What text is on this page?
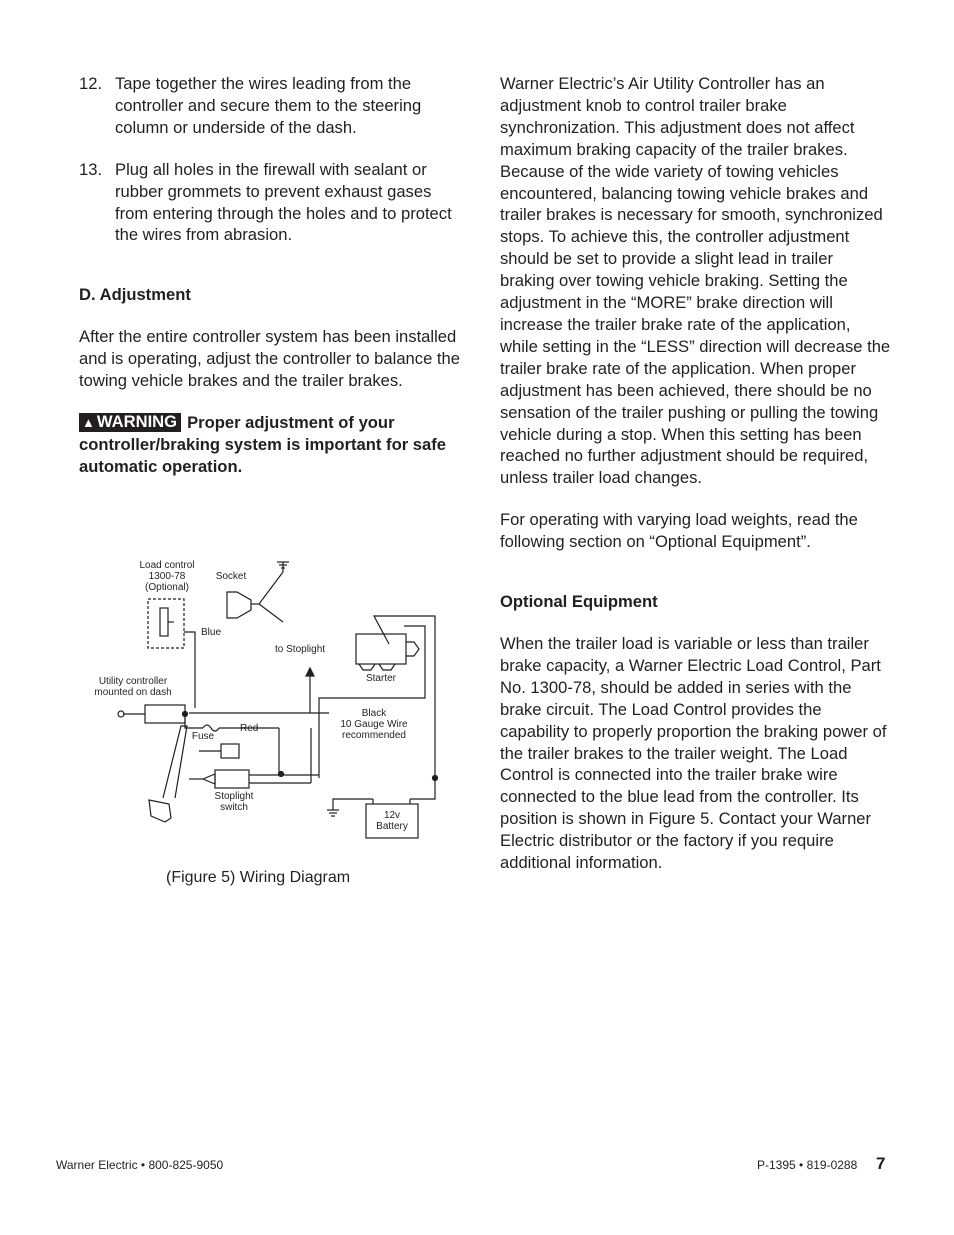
12. Tape together the wires leading from the controller and secure them to the steering column or underside of the dash.

13. Plug all holes in the firewall with sealant or rubber grommets to prevent exhaust gases from entering through the holes and to protect the wires from abrasion.

D. Adjustment

After the entire controller system has been installed and is operating, adjust the controller to balance the towing vehicle brakes and the trailer brakes.

▲ WARNING Proper adjustment of your controller/braking system is important for safe automatic operation.

Load control
1300-78
(Optional)
Socket
Blue
to Stoplight
Starter
Utility controller
mounted on dash
Red
Fuse
Black
10 Gauge Wire
recommended
Stoplight
switch
12v
Battery
(Figure 5) Wiring Diagram

Warner Electric’s Air Utility Controller has an adjustment knob to control trailer brake synchronization. This adjustment does not affect maximum braking capacity of the trailer brakes. Because of the wide variety of towing vehicles encountered, balancing towing vehicle brakes and trailer brakes is necessary for smooth, synchronized stops. To achieve this, the controller adjustment should be set to provide a slight lead in trailer braking over towing vehicle braking. Setting the adjustment in the “MORE” brake direction will increase the trailer brake rate of the application, while setting in the “LESS” direction will decrease the trailer brake rate of the application. When proper adjustment has been achieved, there should be no sensation of the trailer pushing or pulling the towing vehicle during a stop. When this setting has been reached no further adjustment should be required, unless trailer load changes.

For operating with varying load weights, read the following section on “Optional Equipment”.

Optional Equipment

When the trailer load is variable or less than trailer brake capacity, a Warner Electric Load Control, Part No. 1300-78, should be added in series with the brake circuit. The Load Control provides the capability to properly proportion the braking power of the trailer brakes to the trailer weight. The Load Control is connected into the trailer brake wire connected to the blue lead from the controller. Its position is shown in Figure 5. Contact your Warner Electric distributor or the factory if you require additional information.

Warner Electric • 800-825-9050	P-1395 • 819-0288 7
